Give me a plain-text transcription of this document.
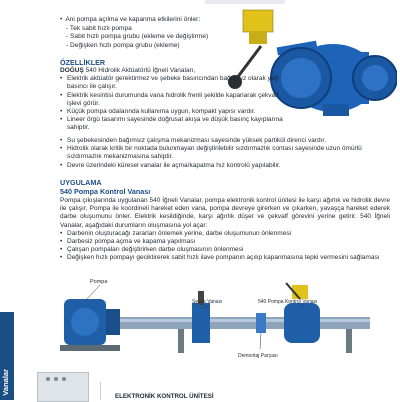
• Ani pompa açılma ve kapanma etkilerini önler:
- Tek sabit hızlı pompa
- Sabit hızlı pompa grubu (ekleme ve değiştirme)
- Değişken hızlı pompa grubu (ekleme)
ÖZELLİKLER
DOĞUŞ 540 Hidrolik Aktüatörlü İğneli Vanaları,
• Elektrik aktüatör gerektirmez ve şebeke basıncından bağımsız olarak yağ basıncı ile çalışır.
• Elektrik kesintisi durumunda vana hidrolik frenli şekilde kapanarak çekvalf işlevi görür.
• Küçük pompa odalarında kullanıma uygun, kompakt yapısı vardır.
• Lineer örgü tasarımı sayesinde doğrusal akışa ve düşük basınç kayıplarına sahiptir.
• Su şebekesinden bağımsız çalışma mekanizması sayesinde yüksek partikül direnci vardır.
• Hidrolik olarak kritik bir noktada bulunmayan değiştirilebilir sızdırmazlık contası sayesinde uzun ömürlü sızdırmazlık mekanizmasına sahiptir.
• Devre üzerindeki küresel vanalar ile açma/kapatma hız kontrolü yapılabilir.
UYGULAMA
540 Pompa Kontrol Vanası
Pompa çıkışlarında uygulanan 540 İğneli Vanalar, pompa elektronik kontrol ünitesi ile karşı ağırlık ve hidrolik devre ile çalışır. Pompa ile koordineli hareket eden vana, pompa devreye girerken ve çıkarken, yavaşça hareket ederek darbe oluşumunu önler. Elektrik kesildiğinde, karşı ağırlık düşer ve çekvalf görevini yerine getirir. 540 İğneli Vanalar, aşağıdaki durumların oluşmasına yol açar:
• Darbenin oluşturacağı zararları önlemek yerine, darbe oluşumunun önlenmesi
• Darbesiz pompa açma ve kapama yapılması
• Çalışan pompaları değiştirirken darbe oluşmasının önlenmesi
• Değişken hızlı pompayı geciktirerek sabit hızlı ilave pompanın açılıp kapanmasına tepki vermesini sağlaması
Pompa
Servis Vanası	540 Pompa Kontrol Vanası
Demontaj Parçası
Vanalar
ELEKTRONİK KONTROL ÜNİTESİ
